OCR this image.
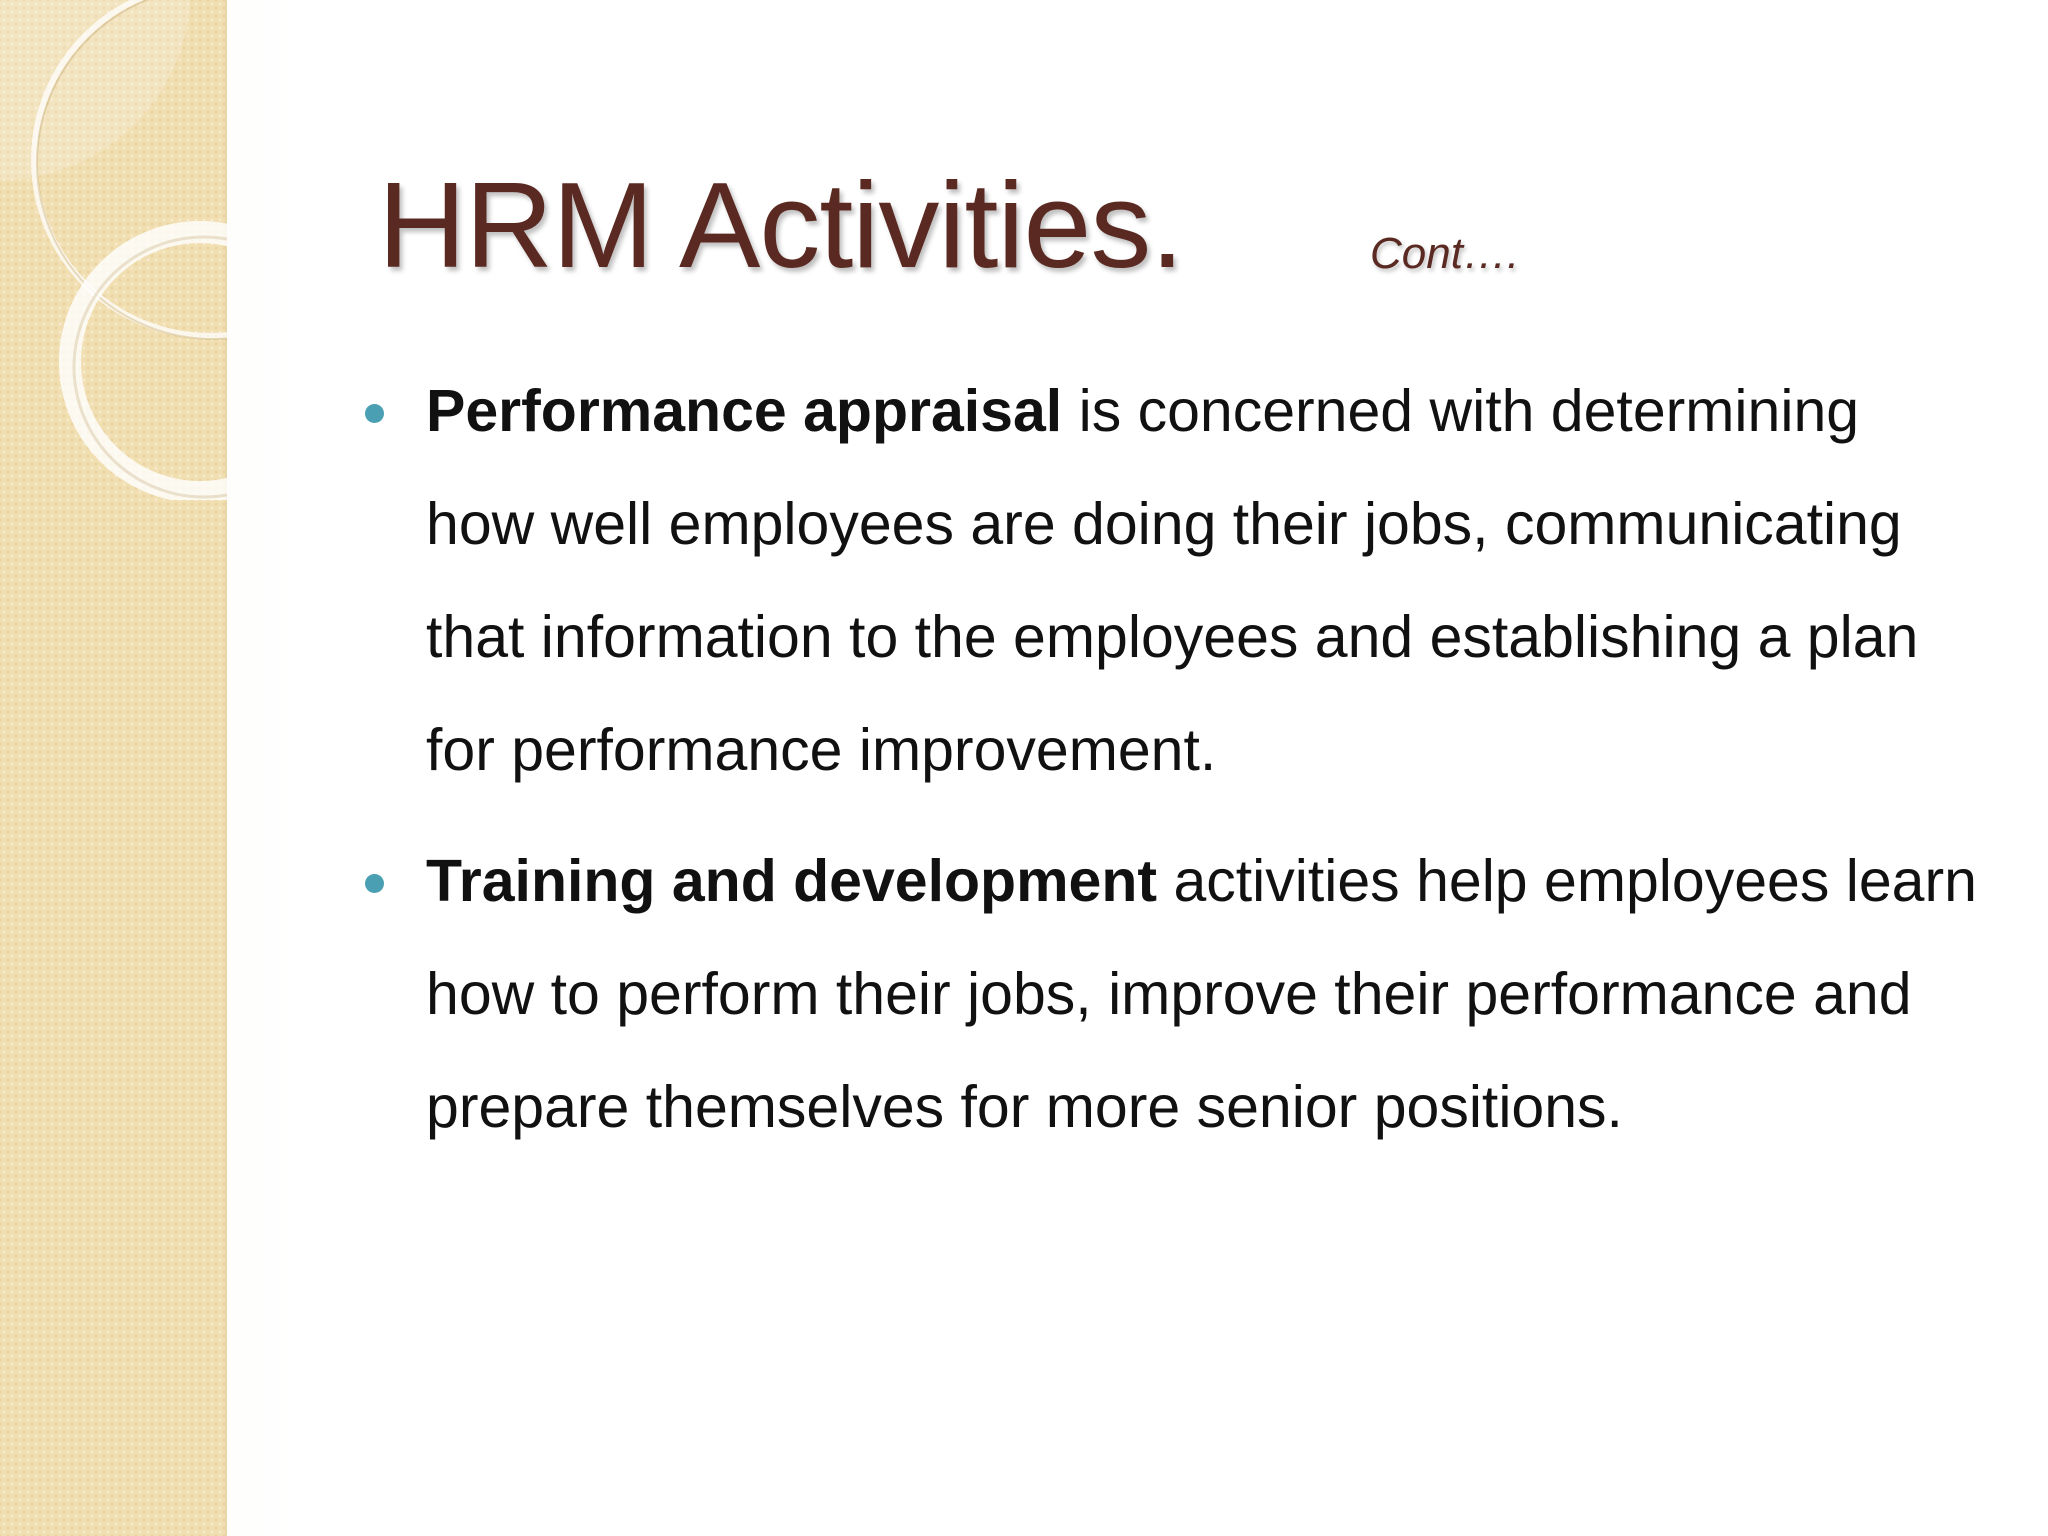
HRM Activities.	Cont….
Performance appraisal is concerned with determining how well employees are doing their jobs, communicating that information to the employees and establishing a plan for performance improvement.
Training and development activities help employees learn how to perform their jobs, improve their performance and prepare themselves for more senior positions.
